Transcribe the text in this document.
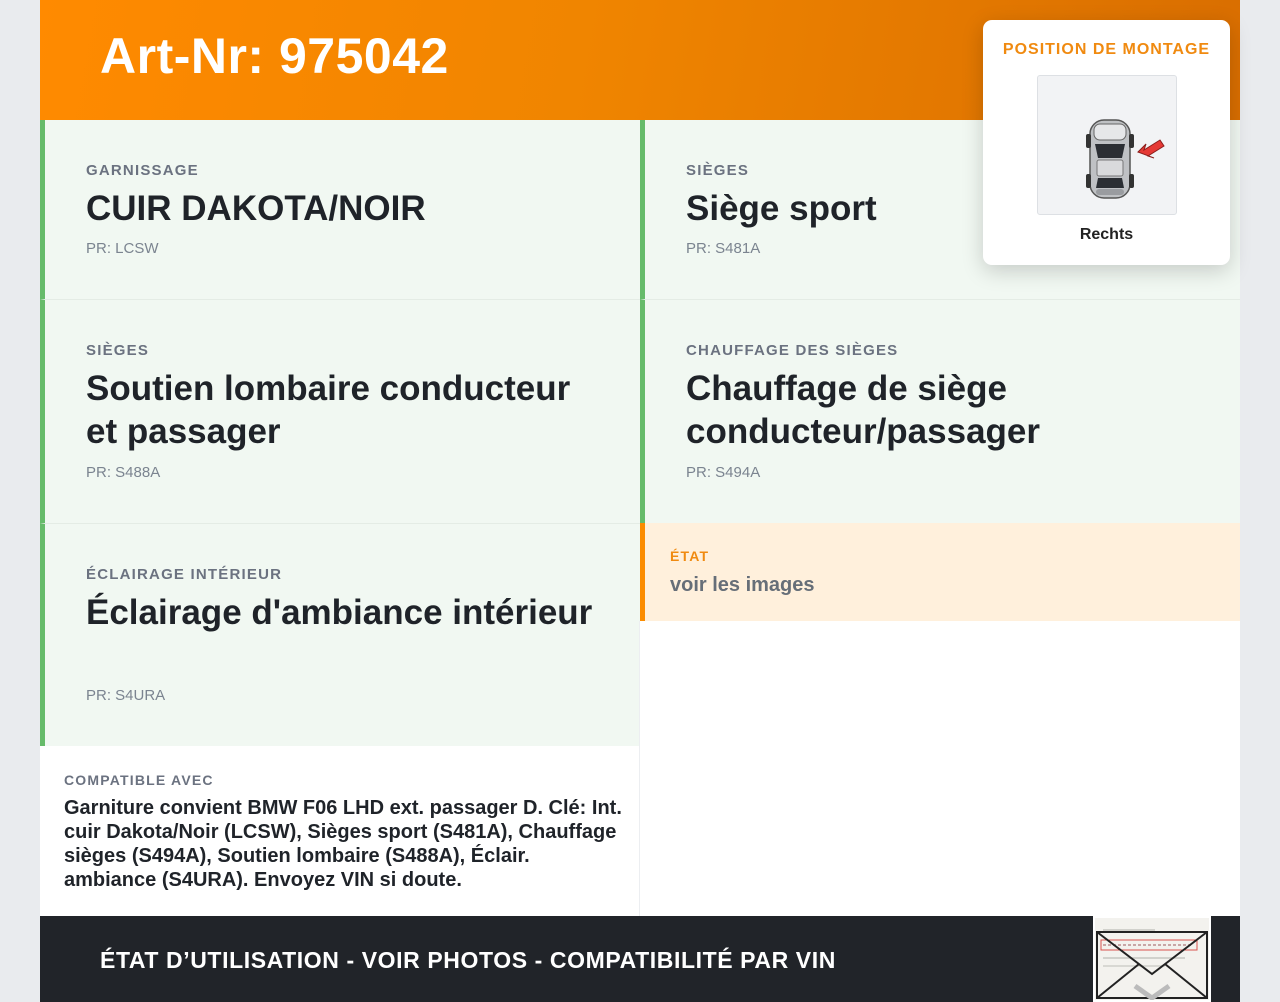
Art-Nr: 975042
GARNISSAGE
CUIR DAKOTA/NOIR
PR: LCSW
SIÈGES
Siège sport
PR: S481A
SIÈGES
Soutien lombaire conducteur et passager
PR: S488A
CHAUFFAGE DES SIÈGES
Chauffage de siège conducteur/passager
PR: S494A
ÉCLAIRAGE INTÉRIEUR
Éclairage d'ambiance intérieur
PR: S4URA
ÉTAT
voir les images
COMPATIBLE AVEC
Garniture convient BMW F06 LHD ext. passager D. Clé: Int. cuir Dakota/Noir (LCSW), Sièges sport (S481A), Chauffage sièges (S494A), Soutien lombaire (S488A), Éclair. ambiance (S4URA). Envoyez VIN si doute.
ÉTAT D’UTILISATION - VOIR PHOTOS - COMPATIBILITÉ PAR VIN
POSITION DE MONTAGE
Rechts
